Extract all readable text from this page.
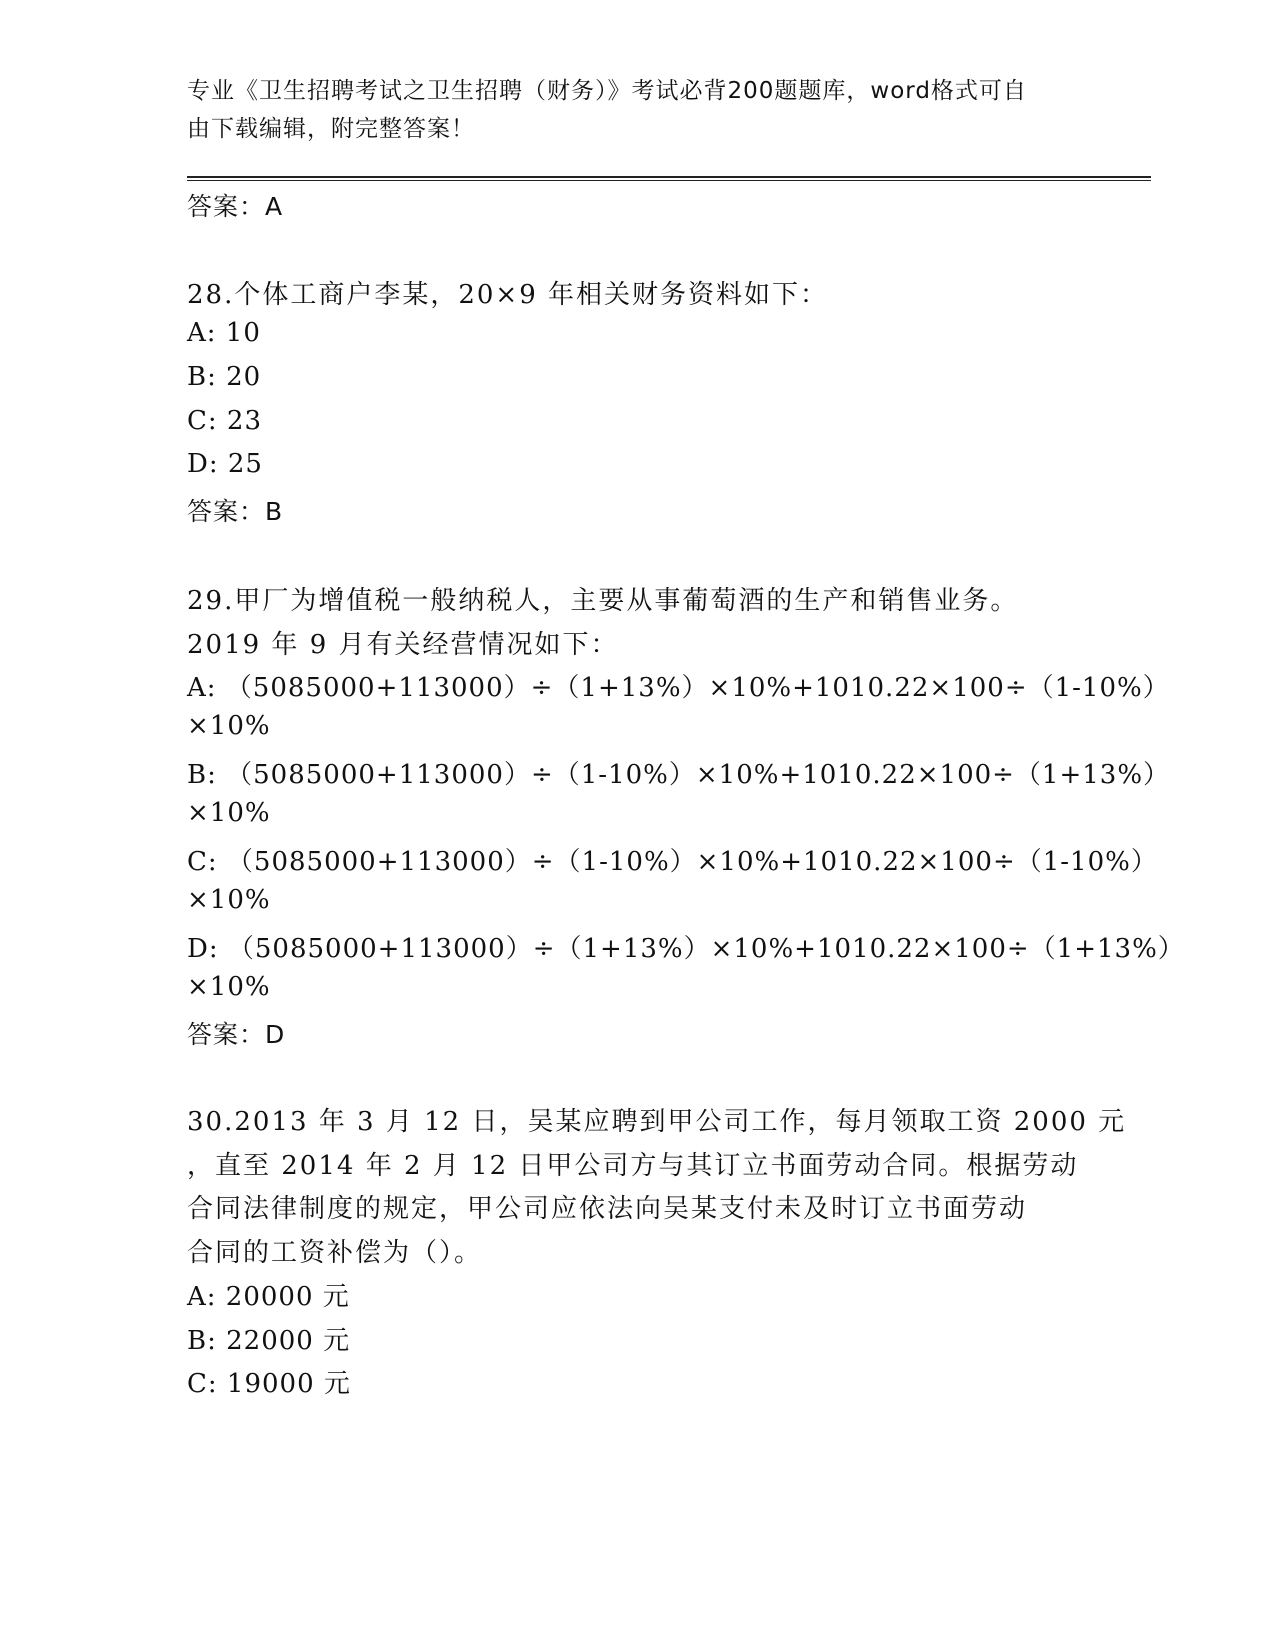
专业《卫生招聘考试之卫生招聘（财务）》考试必背200题题库，word格式可自
由下载编辑，附完整答案！
答案：A
28.个体工商户李某，20×9 年相关财务资料如下：
A: 10
B: 20
C: 23
D: 25
答案：B
29.甲厂为增值税一般纳税人，主要从事葡萄酒的生产和销售业务。
2019 年 9 月有关经营情况如下：
A: （5085000+113000）÷（1+13%）×10%+1010.22×100÷（1-10%）
×10%
B: （5085000+113000）÷（1-10%）×10%+1010.22×100÷（1+13%）
×10%
C: （5085000+113000）÷（1-10%）×10%+1010.22×100÷（1-10%）
×10%
D: （5085000+113000）÷（1+13%）×10%+1010.22×100÷（1+13%）
×10%
答案：D
30.2013 年 3 月 12 日，吴某应聘到甲公司工作，每月领取工资 2000 元
，直至 2014 年 2 月 12 日甲公司方与其订立书面劳动合同。根据劳动
合同法律制度的规定，甲公司应依法向吴某支付未及时订立书面劳动
合同的工资补偿为（）。
A: 20000 元
B: 22000 元
C: 19000 元
